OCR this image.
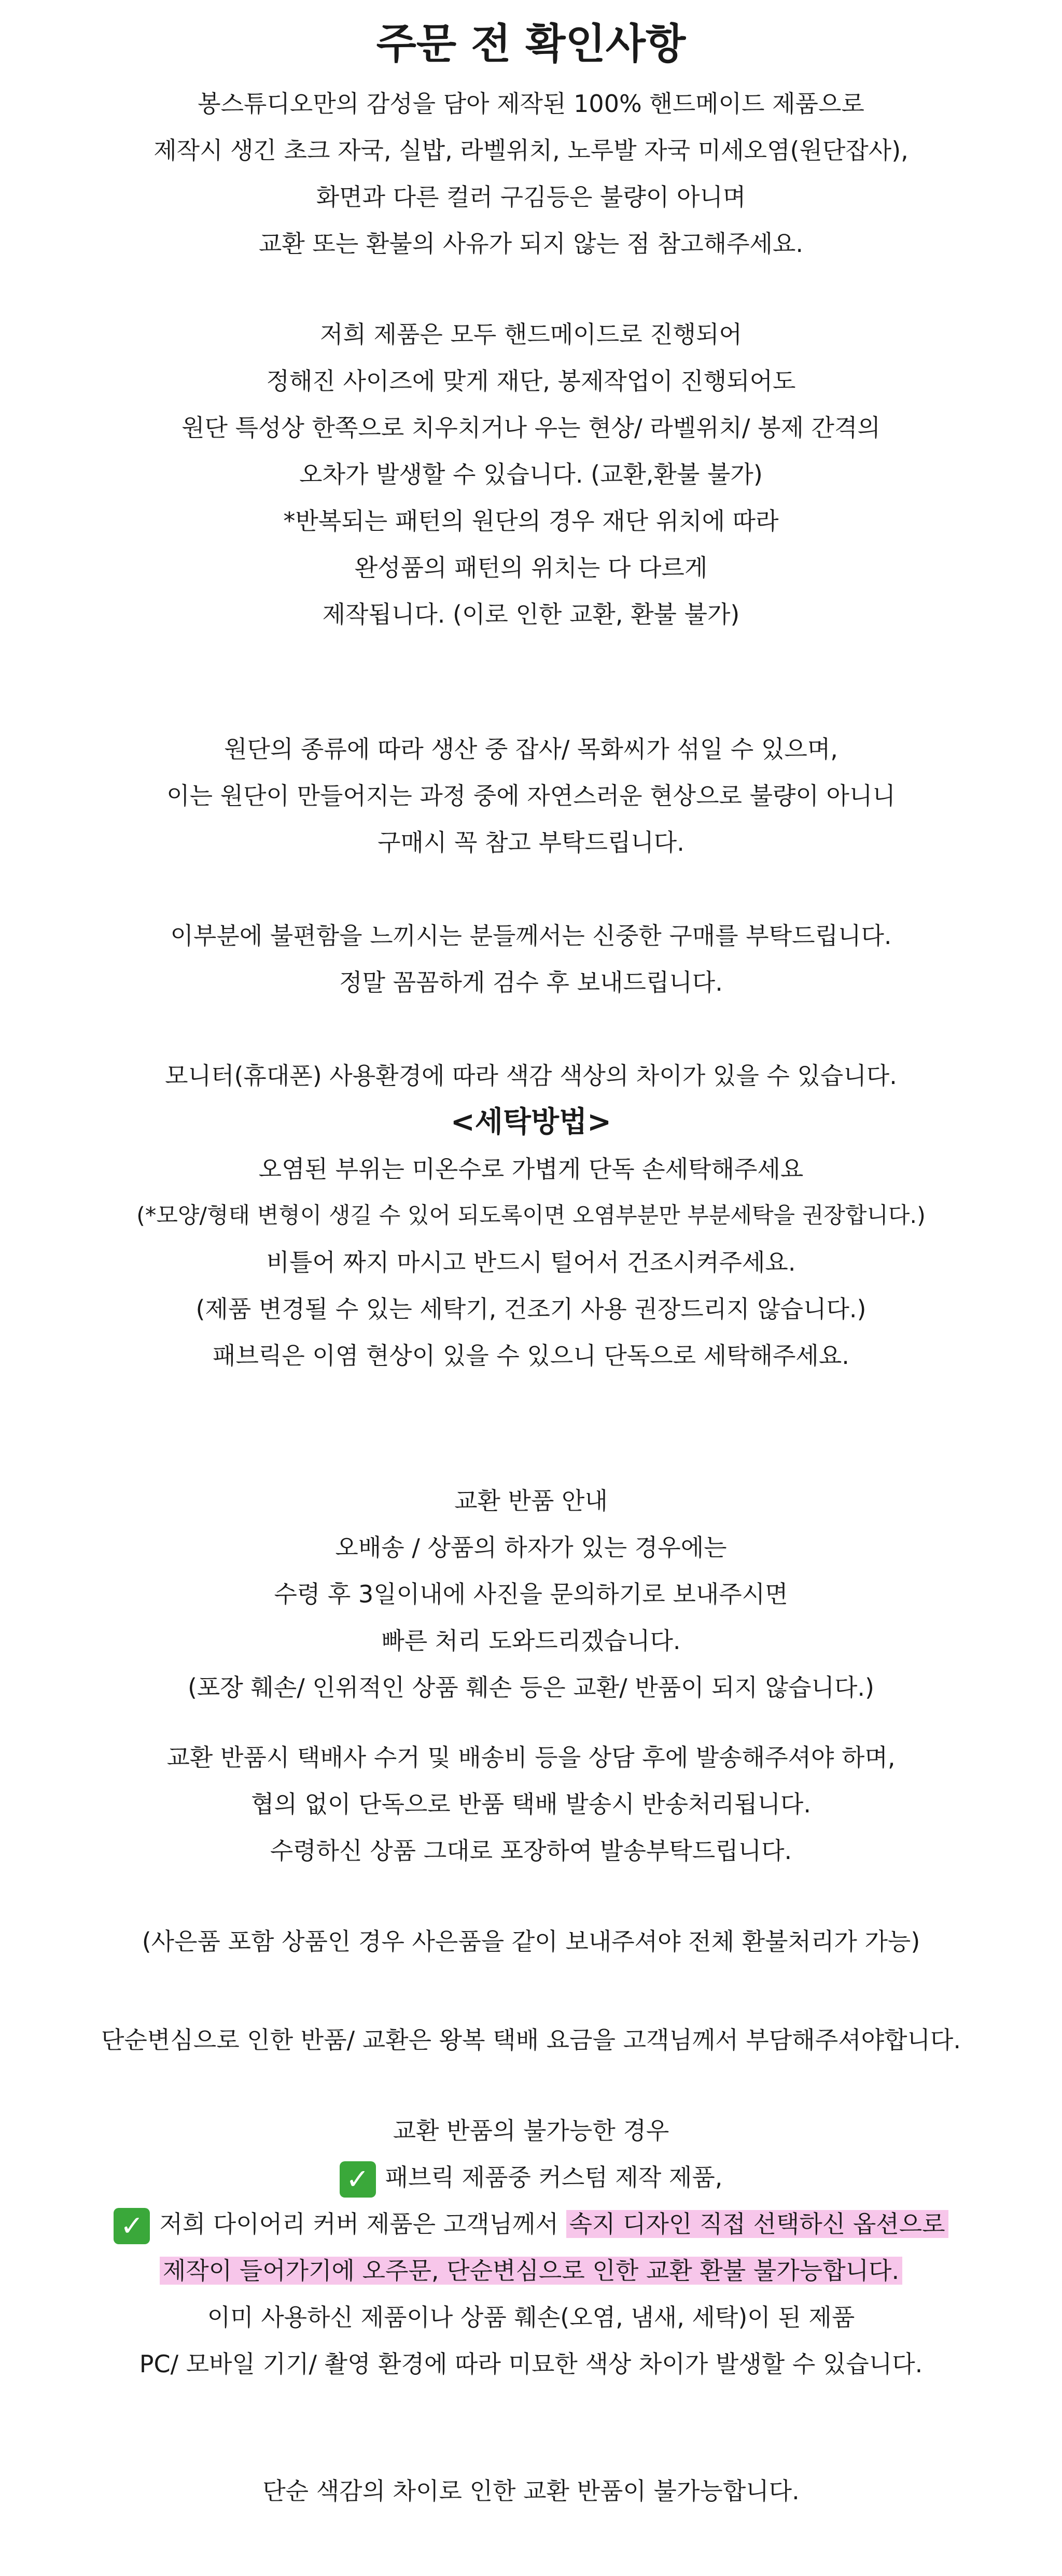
주문 전 확인사항
봉스튜디오만의 감성을 담아 제작된 100% 핸드메이드 제품으로
제작시 생긴 초크 자국, 실밥, 라벨위치, 노루발 자국 미세오염(원단잡사),
화면과 다른 컬러 구김등은 불량이 아니며
교환 또는 환불의 사유가 되지 않는 점 참고해주세요.
저희 제품은 모두 핸드메이드로 진행되어
정해진 사이즈에 맞게 재단, 봉제작업이 진행되어도
원단 특성상 한쪽으로 치우치거나 우는 현상/ 라벨위치/ 봉제 간격의
오차가 발생할 수 있습니다. (교환,환불 불가)
*반복되는 패턴의 원단의 경우 재단 위치에 따라
완성품의 패턴의 위치는 다 다르게
제작됩니다. (이로 인한 교환, 환불 불가)
원단의 종류에 따라 생산 중 잡사/ 목화씨가 섞일 수 있으며,
이는 원단이 만들어지는 과정 중에 자연스러운 현상으로 불량이 아니니
구매시 꼭 참고 부탁드립니다.
이부분에 불편함을 느끼시는 분들께서는 신중한 구매를 부탁드립니다.
정말 꼼꼼하게 검수 후 보내드립니다.
모니터(휴대폰) 사용환경에 따라 색감 색상의 차이가 있을 수 있습니다.
<세탁방법>
오염된 부위는 미온수로 가볍게 단독 손세탁해주세요
(*모양/형태 변형이 생길 수 있어 되도록이면 오염부분만 부분세탁을 권장합니다.)
비틀어 짜지 마시고 반드시 털어서 건조시켜주세요.
(제품 변경될 수 있는 세탁기, 건조기 사용 권장드리지 않습니다.)
패브릭은 이염 현상이 있을 수 있으니 단독으로 세탁해주세요.
교환 반품 안내
오배송 / 상품의 하자가 있는 경우에는
수령 후 3일이내에 사진을 문의하기로 보내주시면
빠른 처리 도와드리겠습니다.
(포장 훼손/ 인위적인 상품 훼손 등은 교환/ 반품이 되지 않습니다.)
교환 반품시 택배사 수거 및 배송비 등을 상담 후에 발송해주셔야 하며,
협의 없이 단독으로 반품 택배 발송시 반송처리됩니다.
수령하신 상품 그대로 포장하여 발송부탁드립니다.
(사은품 포함 상품인 경우 사은품을 같이 보내주셔야 전체 환불처리가 가능)
단순변심으로 인한 반품/ 교환은 왕복 택배 요금을 고객님께서 부담해주셔야합니다.
교환 반품의 불가능한 경우
✓ 패브릭 제품중 커스텀 제작 제품,
✓ 저희 다이어리 커버 제품은 고객님께서 속지 디자인 직접 선택하신 옵션으로
제작이 들어가기에 오주문, 단순변심으로 인한 교환 환불 불가능합니다.
이미 사용하신 제품이나 상품 훼손(오염, 냄새, 세탁)이 된 제품
PC/ 모바일 기기/ 촬영 환경에 따라 미묘한 색상 차이가 발생할 수 있습니다.
단순 색감의 차이로 인한 교환 반품이 불가능합니다.
